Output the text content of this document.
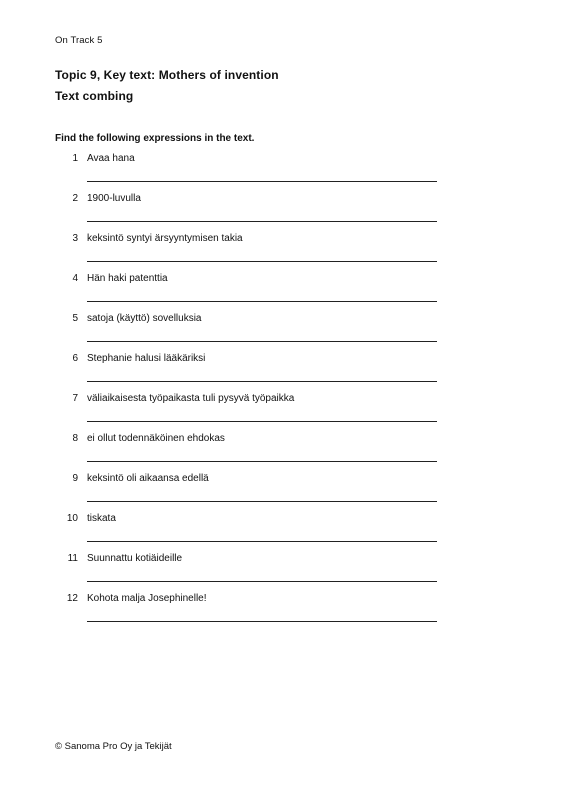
On Track 5
Topic 9, Key text: Mothers of invention
Text combing
Find the following expressions in the text.
1 Avaa hana
2 1900-luvulla
3 keksintö syntyi ärsyyntymisen takia
4 Hän haki patenttia
5 satoja (käyttö) sovelluksia
6 Stephanie halusi lääkäriksi
7 väliaikaisesta työpaikasta tuli pysyvä työpaikka
8 ei ollut todennäköinen ehdokas
9 keksintö oli aikaansa edellä
10 tiskata
11 Suunnattu kotiäideille
12 Kohota malja Josephinelle!
© Sanoma Pro Oy ja Tekijät
